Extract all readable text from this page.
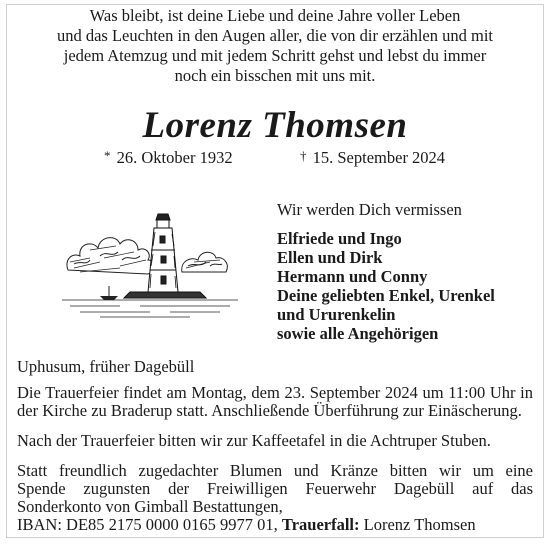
Was bleibt, ist deine Liebe und deine Jahre voller Leben
und das Leuchten in den Augen aller, die von dir erzählen und mit
jedem Atemzug und mit jedem Schritt gehst und lebst du immer
noch ein bisschen mit uns mit.
Lorenz Thomsen
* 26. Oktober 1932	† 15. September 2024
Wir werden Dich vermissen
Elfriede und Ingo
Ellen und Dirk
Hermann und Conny
Deine geliebten Enkel, Urenkel
und Ururenkelin
sowie alle Angehörigen
Uphusum, früher Dagebüll
Die Trauerfeier findet am Montag, dem 23. September 2024 um 11:00 Uhr in
der Kirche zu Braderup statt. Anschließende Überführung zur Einäscherung.
Nach der Trauerfeier bitten wir zur Kaffeetafel in die Achtruper Stuben.
Statt freundlich zugedachter Blumen und Kränze bitten wir um eine
Spende zugunsten der Freiwilligen Feuerwehr Dagebüll auf das
Sonderkonto von Gimball Bestattungen,
IBAN: DE85 2175 0000 0165 9977 01, Trauerfall: Lorenz Thomsen
